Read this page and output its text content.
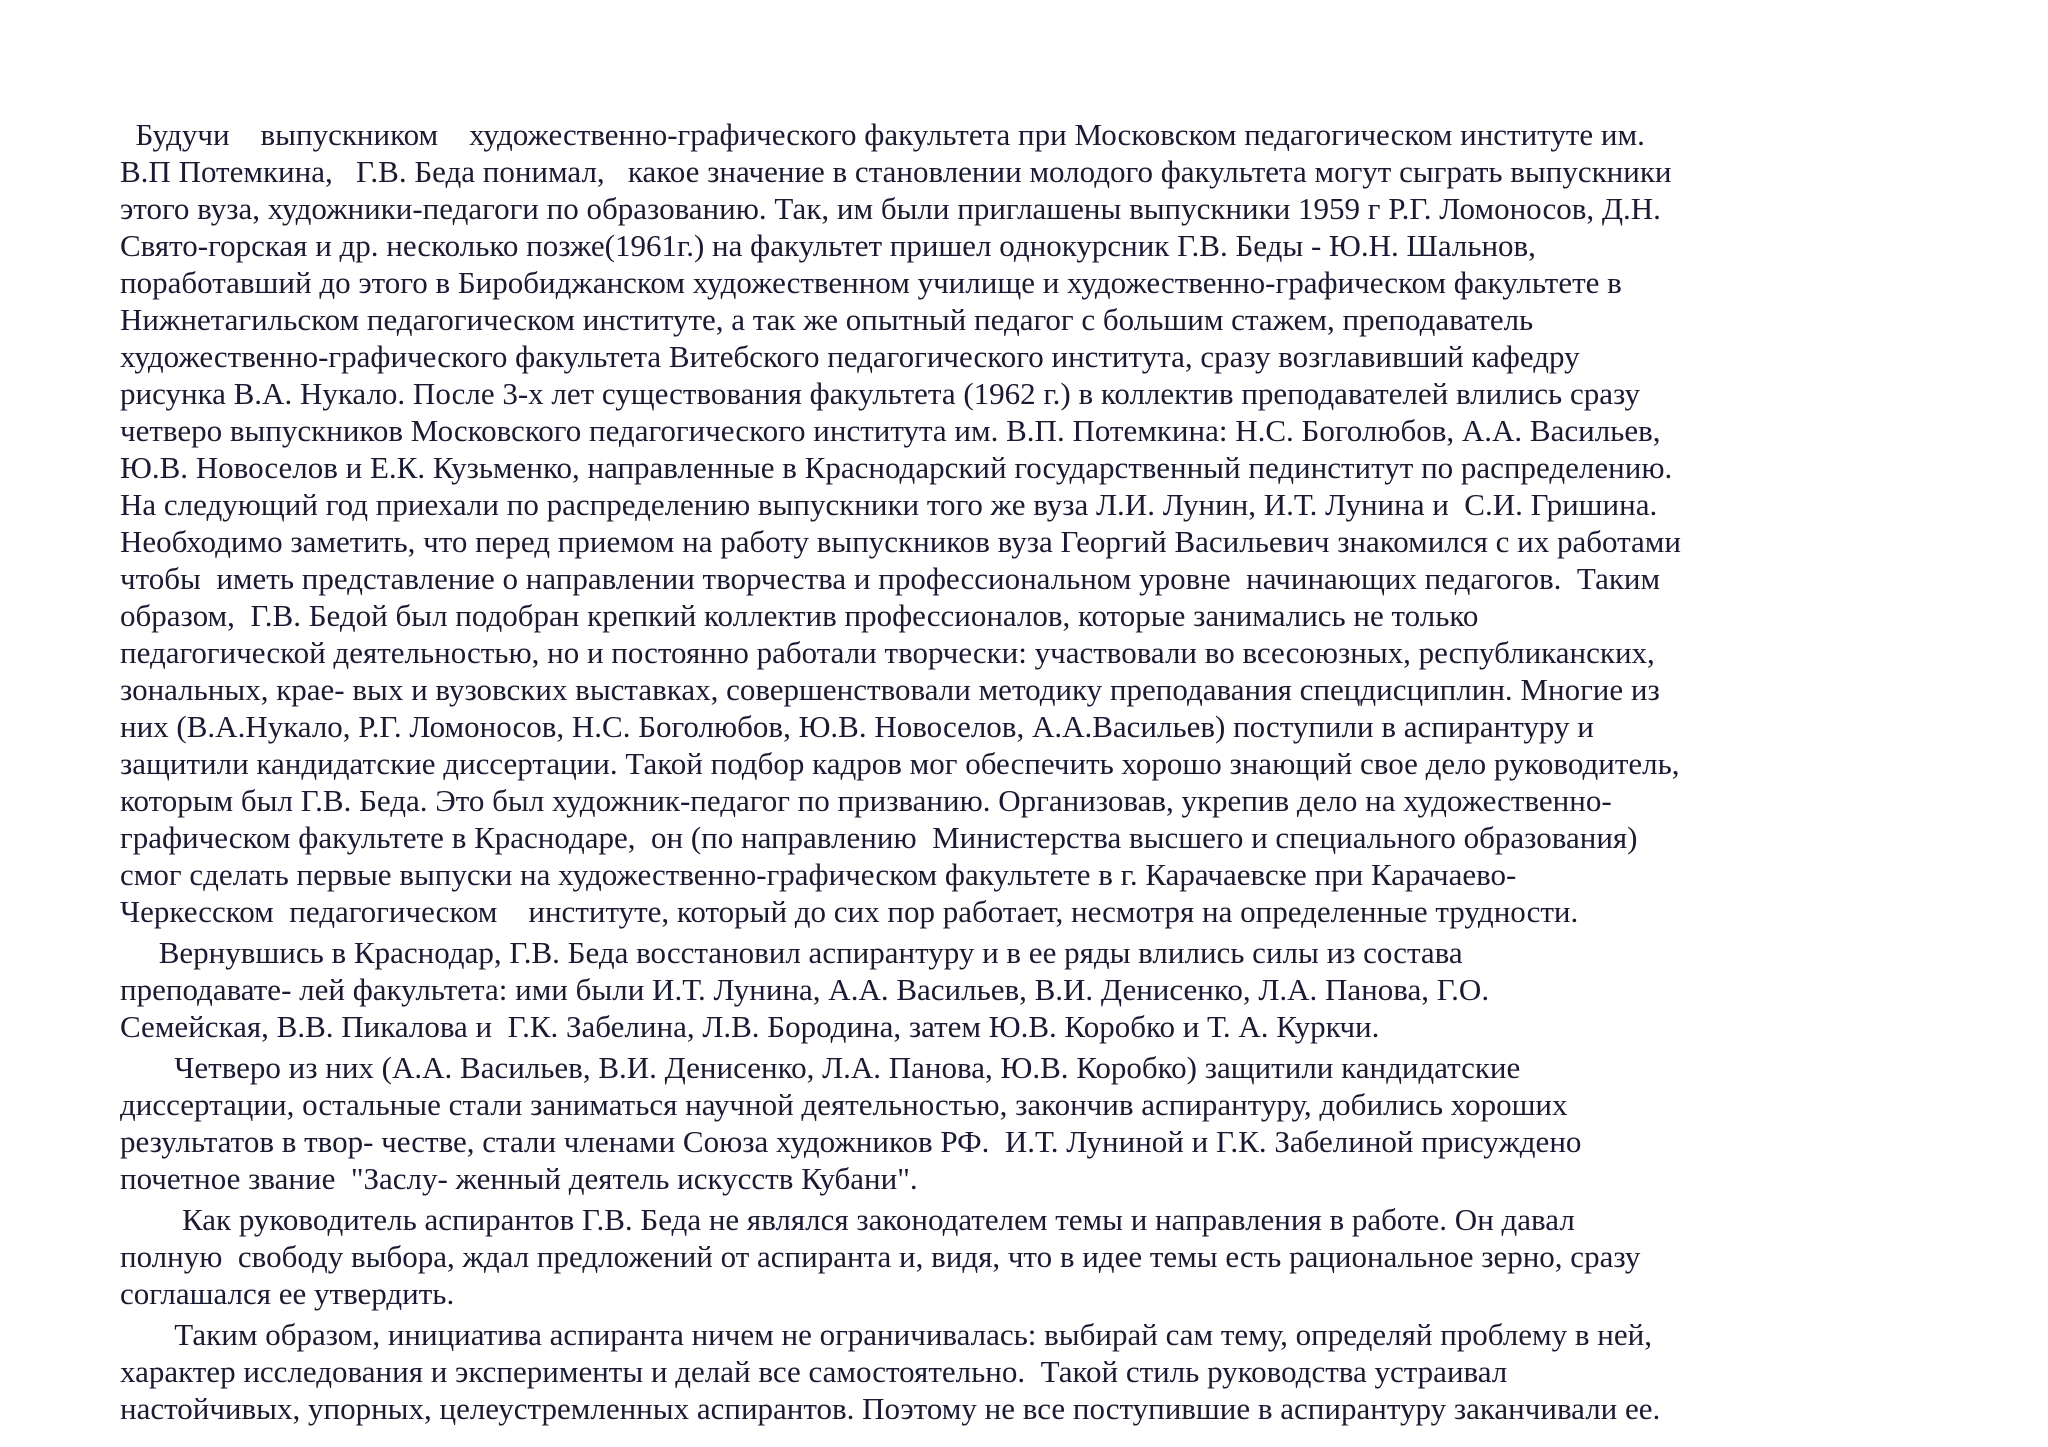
Будучи    выпускником    художественно-графического факультета при Московском педагогическом институте им.
В.П Потемкина,   Г.В. Беда понимал,   какое значение в становлении молодого факультета могут сыграть выпускники
этого вуза, художники-педагоги по образованию. Так, им были приглашены выпускники 1959 г Р.Г. Ломоносов, Д.Н.
Свято-горская и др. несколько позже(1961г.) на факультет пришел однокурсник Г.В. Беды - Ю.Н. Шальнов,
поработавший до этого в Биробиджанском художественном училище и художественно-графическом факультете в
Нижнетагильском педагогическом институте, а так же опытный педагог с большим стажем, преподаватель
художественно-графического факультета Витебского педагогического института, сразу возглавивший кафедру
рисунка В.А. Нукало. После 3-х лет существования факультета (1962 г.) в коллектив преподавателей влились сразу
четверо выпускников Московского педагогического института им. В.П. Потемкина: Н.С. Боголюбов, А.А. Васильев,
Ю.В. Новоселов и Е.К. Кузьменко, направленные в Краснодарский государственный пединститут по распределению.
На следующий год приехали по распределению выпускники того же вуза Л.И. Лунин, И.Т. Лунина и  С.И. Гришина.
Необходимо заметить, что перед приемом на работу выпускников вуза Георгий Васильевич знакомился с их работами
чтобы  иметь представление о направлении творчества и профессиональном уровне  начинающих педагогов.  Таким
образом,  Г.В. Бедой был подобран крепкий коллектив профессионалов, которые занимались не только
педагогической деятельностью, но и постоянно работали творчески: участвовали во всесоюзных, республиканских,
зональных, крае- вых и вузовских выставках, совершенствовали методику преподавания спецдисциплин. Многие из
них (В.А.Нукало, Р.Г. Ломоносов, Н.С. Боголюбов, Ю.В. Новоселов, А.А.Васильев) поступили в аспирантуру и
защитили кандидатские диссертации. Такой подбор кадров мог обеспечить хорошо знающий свое дело руководитель,
которым был Г.В. Беда. Это был художник-педагог по призванию. Организовав, укрепив дело на художественно-
графическом факультете в Краснодаре,  он (по направлению  Министерства высшего и специального образования)
смог сделать первые выпуски на художественно-графическом факультете в г. Карачаевске при Карачаево-
Черкесском  педагогическом    институте, который до сих пор работает, несмотря на определенные трудности.
Вернувшись в Краснодар, Г.В. Беда восстановил аспирантуру и в ее ряды влились силы из состава
преподавате- лей факультета: ими были И.Т. Лунина, А.А. Васильев, В.И. Денисенко, Л.А. Панова, Г.О.
Семейская, В.В. Пикалова и  Г.К. Забелина, Л.В. Бородина, затем Ю.В. Коробко и Т. А. Куркчи.
Четверо из них (А.А. Васильев, В.И. Денисенко, Л.А. Панова, Ю.В. Коробко) защитили кандидатские
диссертации, остальные стали заниматься научной деятельностью, закончив аспирантуру, добились хороших
результатов в твор- честве, стали членами Союза художников РФ.  И.Т. Луниной и Г.К. Забелиной присуждено
почетное звание  "Заслу- женный деятель искусств Кубани".
Как руководитель аспирантов Г.В. Беда не являлся законодателем темы и направления в работе. Он давал
полную  свободу выбора, ждал предложений от аспиранта и, видя, что в идее темы есть рациональное зерно, сразу
соглашался ее утвердить.
Таким образом, инициатива аспиранта ничем не ограничивалась: выбирай сам тему, определяй проблему в ней,
характер исследования и эксперименты и делай все самостоятельно.  Такой стиль руководства устраивал
настойчивых, упорных, целеустремленных аспирантов. Поэтому не все поступившие в аспирантуру заканчивали ее.
